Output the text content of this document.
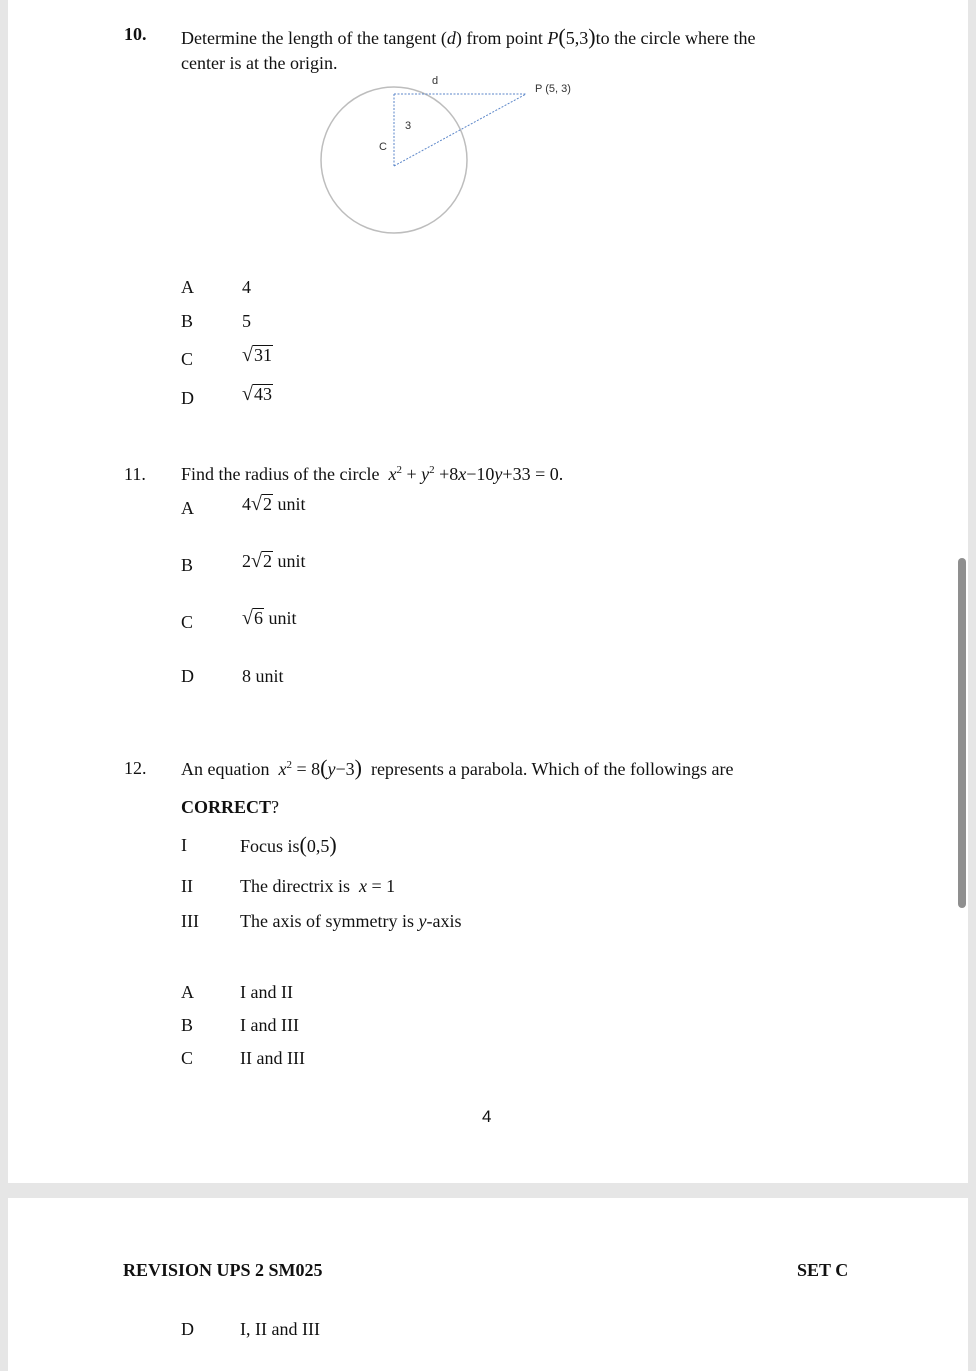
10. Determine the length of the tangent (d) from point P(5,3)to the circle where the
center is at the origin.
d
P (5, 3)
3
C
A	4
B	5
C √31
D √43
11. Find the radius of the circle $x^2 + y^2 +8x-10y+33 = 0$.
A	4√2 unit
B	2√2 unit
C √6 unit
D	8 unit
12. An equation $x^2 = 8(y-3)$ represents a parabola. Which of the followings are
CORRECT?
I	Focus is(0,5)
II	The directrix is x = 1
III The axis of symmetry is y-axis
A	I and II
B	I and III
C	II and III
4
REVISION UPS 2 SM025	SET C
D	I, II and III
